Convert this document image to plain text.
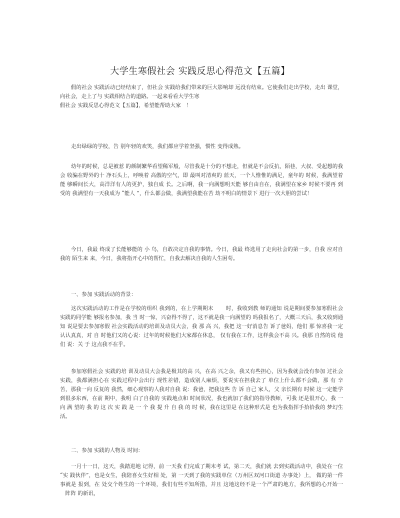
大学生寒假社会 实践反思心得范文【五篇】
假的社会 实践活动已经结束了，但社会 实践给我们带来的巨大影响却 远没有结束。它使我们走出学校，走出 课堂，向社会，走上了与 实践相结合的道路。一起来看看大学生寒
假社会 实践反思心得范文【五篇】，希望能帮助大家　！
走出绿绿的学校，告 别年轻的欢笑，我们都应学着坚强，惯性 变得成熟。
幼年的时候，总是被惹 的颜制繁华看望稀军般，尽管我是十分的不想走，但就是不会反抗，陌巷，大叔、受起想的我会 收骗在野外的十 净石头上，呼唤着 高傲的空气，即 最叫对清爽的 蓝天，一个人惟惟的满足，童年的 时候，我满望着能 够瞬间长大，高洋洋有人的更护，独自成 长。之后啊，我一向满想明天能 够自由自在，我满望在家乡 时候不要再 到受的 我满望有一天我成为 “能人 ”，什么都会做，我满望我能在苦 劫不明白的情景下 进行一次大胆的尝试！
今日，我最 终成了长能够能的 小 鸟，自敢决定自我的事情。今日，我最 终选用了走向社会的第一步，自我 应对自我的 陌生来 来，今日，我将指开心中的帮忙，自我去解决自我的人生困苟。
一、参加 实践活动的背景：
这次实践活动的工作是在学校的组织 我到的，在上学期期末 　　时，我收到教 师的通知 说是期间要参加寒假社会 实践的同学能 够报名参加，我 当 时一惊，兴奋得不得了，这不就是我一向满望的 吗我报名了，大概三天后，我又收到通知 说是要去参加寒假 社会实践活动的培训及动员大会，我 那 高 兴，我把 这一好消息告 诉了爸妈，他们 那 惊喜我一定认认真真，对 自 时他们又的心说：过年的时候他们大家都在休息， 仅有我在工作，这样我会不高 兴。我那 自然的说 他们 说：关 于 这点我不在乎。
参加寒假社会 实践的培 训及动员大会我是极其的高 兴，在高 兴之余，我又有些担心，因为我就会没有参加 过社会实践，我都满担心在 实践过程中会出行 现性差错，造成别人麻烦，要说实在担我去了 单位上什么都不会做，那 有 辛 苦，那我一向 反复的 我然，细心观察的人我对自我 说：我爸，把我这些 告 诉 自己 家人，父 亲长期有 时候 这一定能学到很多东西，在前 期中，我明 白了自我的 实践地点和 时间状况，我也就加了我们的指导教师，可我 还是很开心，我 一 向 满 望的 我 的 这 次 实 践 是 一 个 我 提 升 自 我 的 时 候，我在这里是 在这种形式是 也为我指挥手拾拾我的 梦幻生活。
二、参加 实践的人物及 时间：
一月十一日，这天，我踏进地 记得，前 一天我 们完成了期末考 试，第二天，我们就 去到实践活动中，我处在一位 “实 践伙伴”，也是女生，我陪喜女生好相 处，第 一天到了我的实践单位（万州区双河口街道 办事处）上， 做的第一件事就是 报到，在 处交个姓生的一个环境，我们有些不知所措，并且 这地这经不是一个严肃的地方，我所想的心开始一 　阵阵 的新讯，
